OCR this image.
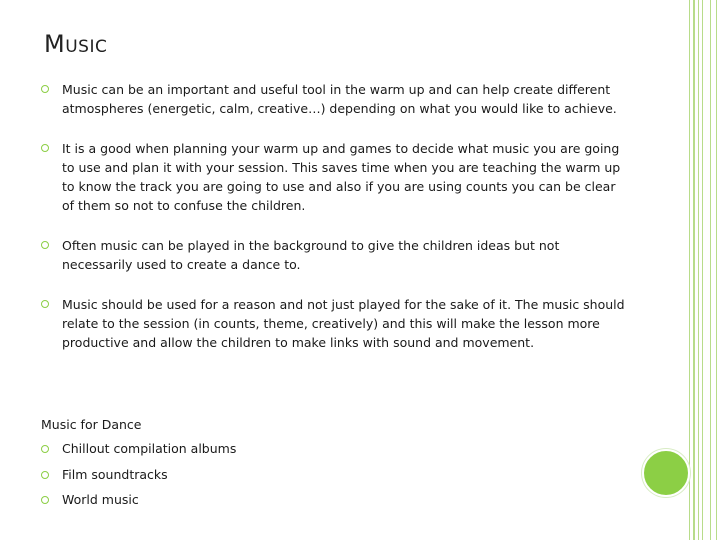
Music
Music can be an important and useful tool in the warm up and can help create different atmospheres (energetic, calm, creative…) depending on what you would like to achieve.
It is a good when planning your warm up and games to decide what music you are going to use and plan it with your session. This saves time when you are teaching the warm up to know the track you are going to use and also if you are using counts you can be clear of them so not to confuse the children.
Often music can be played in the background to give the children ideas but not necessarily used to create a dance to.
Music should be used for a reason and not just played for the sake of it. The music should relate to the session (in counts, theme, creatively) and this will make the lesson more productive and allow the children to make links with sound and movement.
Music for Dance
Chillout compilation albums
Film soundtracks
World music
